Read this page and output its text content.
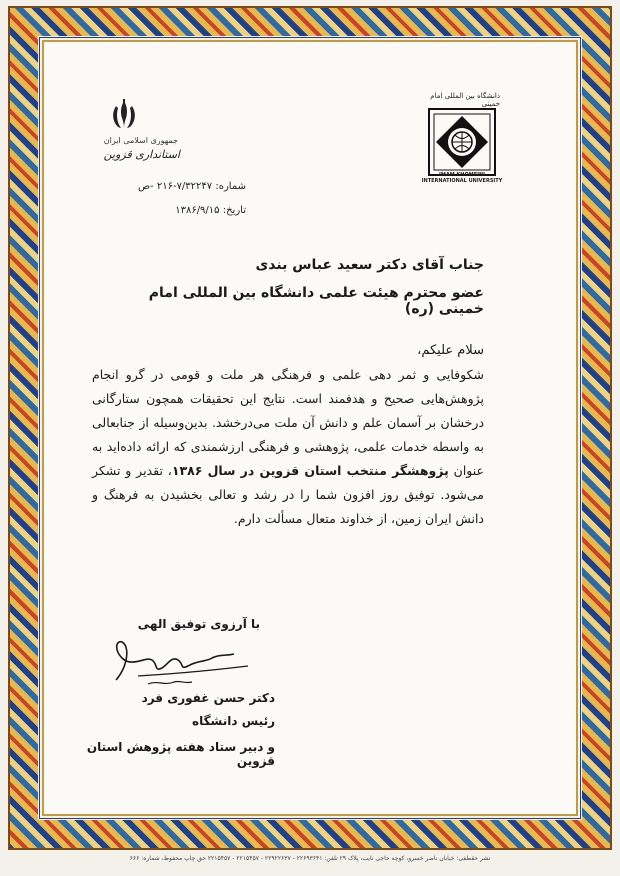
جمهوری اسلامی ایران
استانداری قزوین
شماره: ۷/۳۲۲۴۷-۲۱۶ -ص
تاریخ: ۱۳۸۶/۹/۱۵
دانشگاه بین المللی امام خمینی
IMAM KHOMEINI INTERNATIONAL UNIVERSITY
جناب آقای دکتر سعید عباس بندی
عضو محترم هیئت علمی دانشگاه بین المللی امام خمینی (ره)
سلام علیکم،
شکوفایی و ثمر دهی علمی و فرهنگی هر ملت و قومی در گرو انجام پژوهش‌هایی صحیح و هدفمند است. نتایج این تحقیقات همچون ستارگانی درخشان بر آسمان علم و دانش آن ملت می‌درخشد. بدین‌وسیله از جنابعالی به واسطه خدمات علمی، پژوهشی و فرهنگی ارزشمندی که ارائه داده‌اید به عنوان پژوهشگر منتخب استان قزوین در سال ۱۳۸۶، تقدیر و تشکر می‌شود. توفیق روز افزون شما را در رشد و تعالی بخشیدن به فرهنگ و دانش ایران زمین، از خداوند متعال مسألت دارم.
با آرزوی توفیق الهی
دکتر حسن غفوری فرد
رئیس دانشگاه
و دبیر ستاد هفته پژوهش استان قزوین
نشر حقطفی: خیابان ناصر خسرو، کوچه حاجی نایب، پلاک ۲۹ تلفن: ۲۲۶۹۳۶۴۱ - ۲۲۹۲۲۶۳۷ - ۲۲۱۵۴۵۷ - ۲۲۱۵۴۵۷ حق چاپ محفوظ، شماره: ۶۶۶
